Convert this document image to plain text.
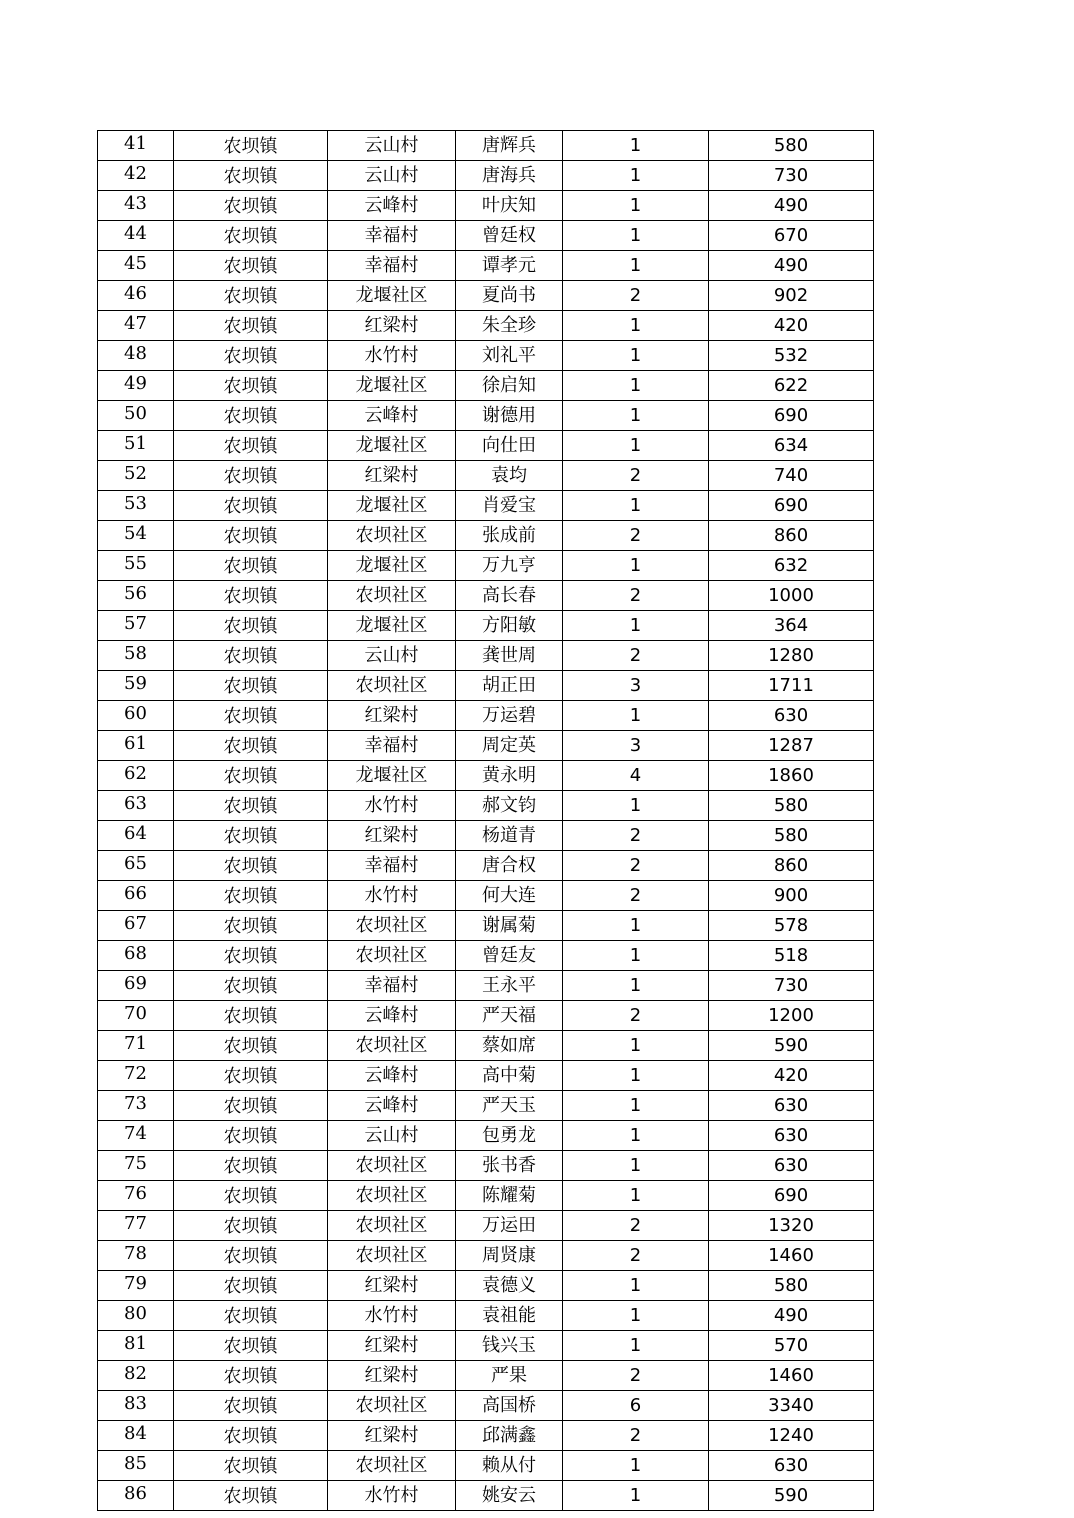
41	农坝镇	云山村	唐辉兵	1	580
42	农坝镇	云山村	唐海兵	1	730
43	农坝镇	云峰村	叶庆知	1	490
44	农坝镇	幸福村	曾廷权	1	670
45	农坝镇	幸福村	谭孝元	1	490
46	农坝镇	龙堰社区	夏尚书	2	902
47	农坝镇	红梁村	朱全珍	1	420
48	农坝镇	水竹村	刘礼平	1	532
49	农坝镇	龙堰社区	徐启知	1	622
50	农坝镇	云峰村	谢德用	1	690
51	农坝镇	龙堰社区	向仕田	1	634
52	农坝镇	红梁村	袁均	2	740
53	农坝镇	龙堰社区	肖爱宝	1	690
54	农坝镇	农坝社区	张成前	2	860
55	农坝镇	龙堰社区	万九亨	1	632
56	农坝镇	农坝社区	高长春	2	1000
57	农坝镇	龙堰社区	方阳敏	1	364
58	农坝镇	云山村	龚世周	2	1280
59	农坝镇	农坝社区	胡正田	3	1711
60	农坝镇	红梁村	万运碧	1	630
61	农坝镇	幸福村	周定英	3	1287
62	农坝镇	龙堰社区	黄永明	4	1860
63	农坝镇	水竹村	郝文钧	1	580
64	农坝镇	红梁村	杨道青	2	580
65	农坝镇	幸福村	唐合权	2	860
66	农坝镇	水竹村	何大连	2	900
67	农坝镇	农坝社区	谢属菊	1	578
68	农坝镇	农坝社区	曾廷友	1	518
69	农坝镇	幸福村	王永平	1	730
70	农坝镇	云峰村	严天福	2	1200
71	农坝镇	农坝社区	蔡如席	1	590
72	农坝镇	云峰村	高中菊	1	420
73	农坝镇	云峰村	严天玉	1	630
74	农坝镇	云山村	包勇龙	1	630
75	农坝镇	农坝社区	张书香	1	630
76	农坝镇	农坝社区	陈耀菊	1	690
77	农坝镇	农坝社区	万运田	2	1320
78	农坝镇	农坝社区	周贤康	2	1460
79	农坝镇	红梁村	袁德义	1	580
80	农坝镇	水竹村	袁祖能	1	490
81	农坝镇	红梁村	钱兴玉	1	570
82	农坝镇	红梁村	严果	2	1460
83	农坝镇	农坝社区	高国桥	6	3340
84	农坝镇	红梁村	邱满鑫	2	1240
85	农坝镇	农坝社区	赖从付	1	630
86	农坝镇	水竹村	姚安云	1	590
